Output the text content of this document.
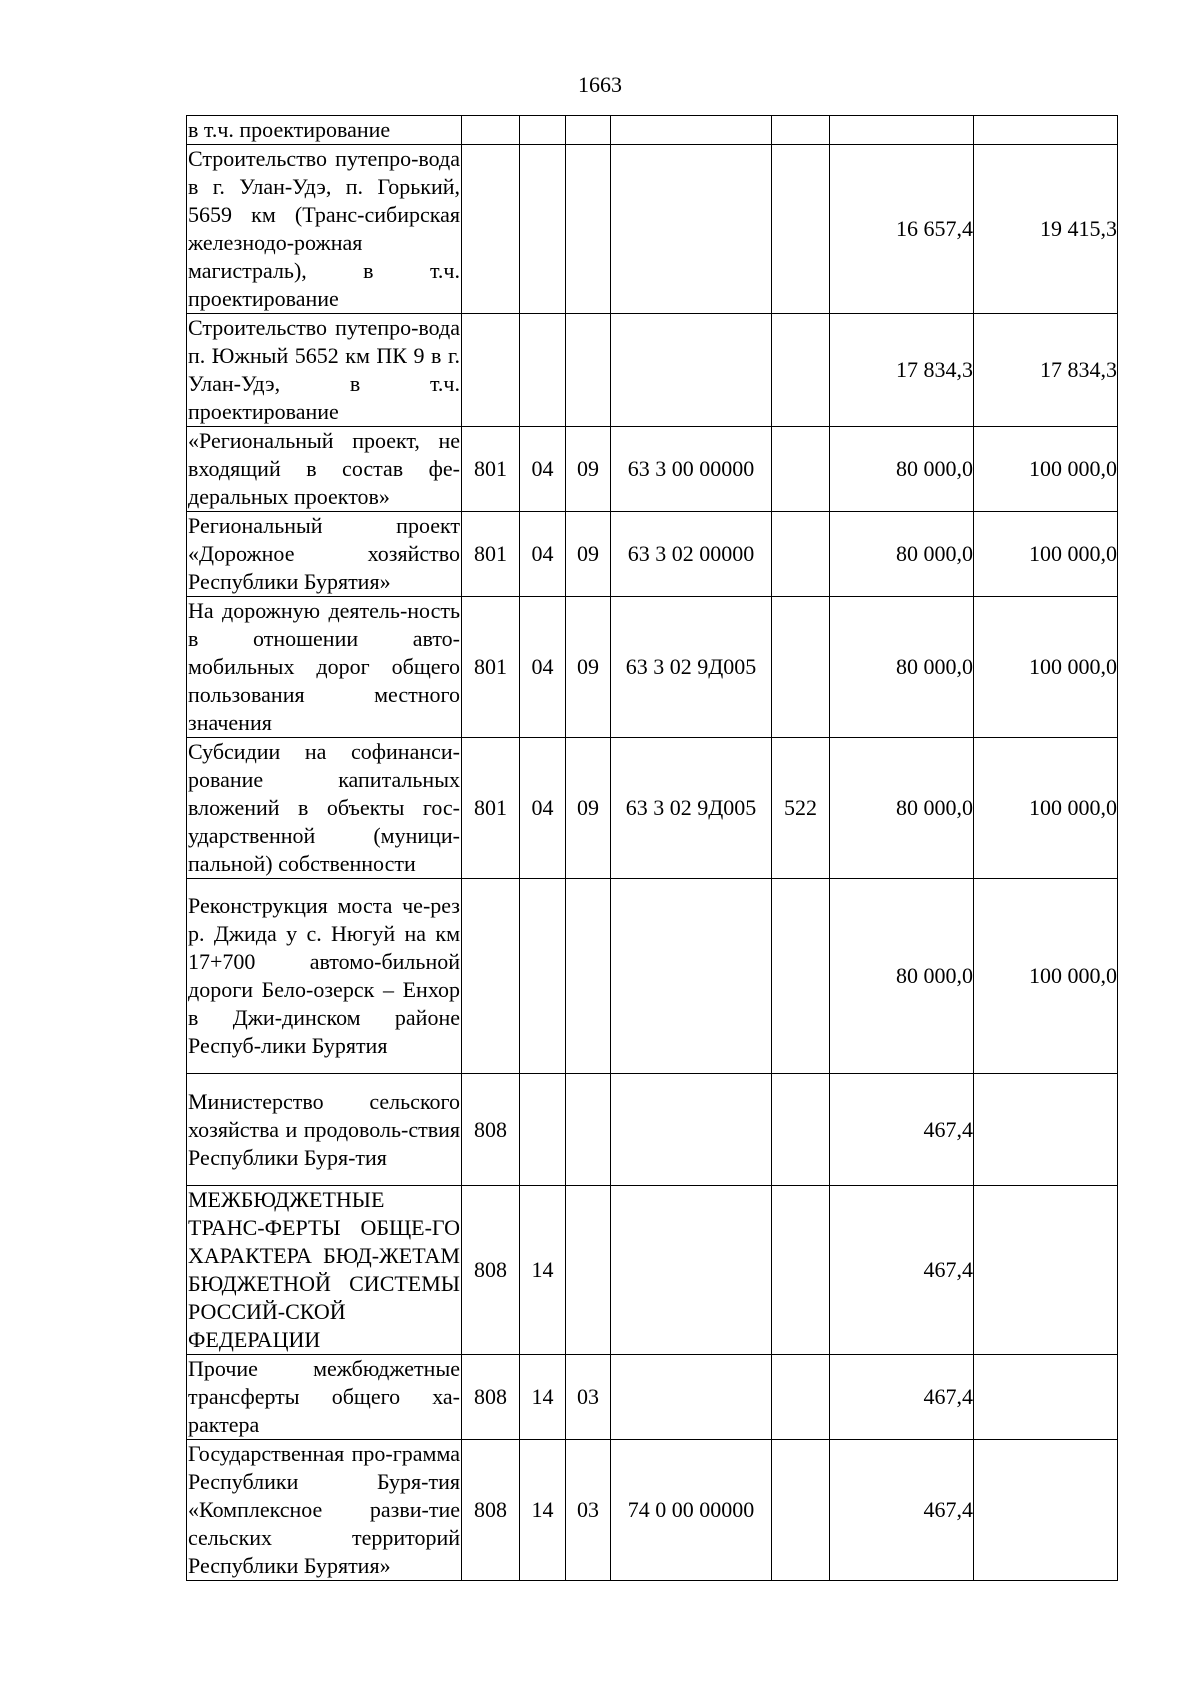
1663
в т.ч. проектирование							

Строительство путепро-вода в г. Улан-Удэ, п. Горький, 5659 км (Транс-сибирская железнодо-рожная магистраль), в т.ч. проектирование						16 657,4	19 415,3

Строительство путепро-вода п. Южный 5652 км ПК 9 в г. Улан-Удэ, в т.ч. проектирование						17 834,3	17 834,3

«Региональный проект, не входящий в состав фе-деральных проектов»	801	04	09	63 3 00 00000		80 000,0	100 000,0

Региональный проект «Дорожное хозяйство Республики Бурятия»	801	04	09	63 3 02 00000		80 000,0	100 000,0

На дорожную деятель-ность в отношении авто-мобильных дорог общего пользования местного значения	801	04	09	63 3 02 9Д005		80 000,0	100 000,0

Субсидии на софинанси-рование капитальных вложений в объекты гос-ударственной (муници-пальной) собственности	801	04	09	63 3 02 9Д005	522	80 000,0	100 000,0

Реконструкция моста че-рез р. Джида у с. Нюгуй на км 17+700 автомо-бильной дороги Бело-озерск – Енхор в Джи-динском районе Респуб-лики Бурятия						80 000,0	100 000,0

Министерство сельского хозяйства и продоволь-ствия Республики Буря-тия	808					467,4	

МЕЖБЮДЖЕТНЫЕ ТРАНС-ФЕРТЫ ОБЩЕ-ГО ХАРАКТЕРА БЮД-ЖЕТАМ БЮДЖЕТНОЙ СИСТЕМЫ РОССИЙ-СКОЙ ФЕДЕРАЦИИ	808	14				467,4	

Прочие межбюджетные трансферты общего ха-рактера	808	14	03			467,4	

Государственная про-грамма Республики Буря-тия «Комплексное разви-тие сельских территорий Республики Бурятия»	808	14	03	74 0 00 00000		467,4	
